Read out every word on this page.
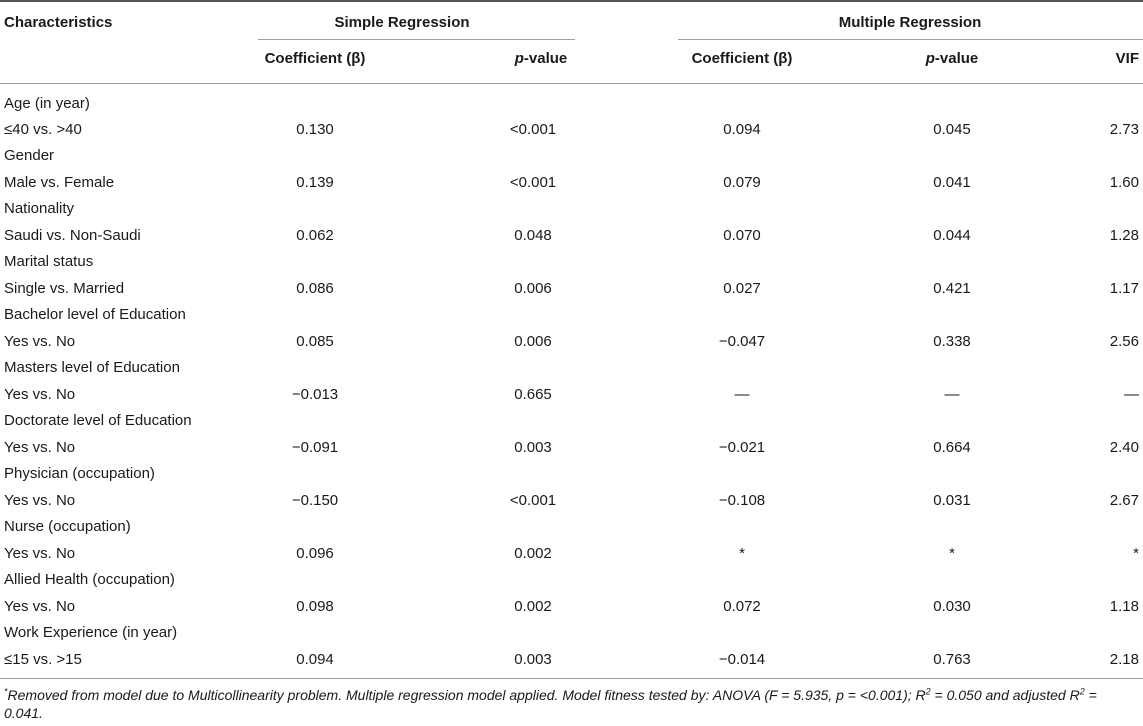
Characteristics	Simple Regression	Multiple Regression
Coefficient (β)	p-value	Coefficient (β)	p-value	VIF
Age (in year)
≤40 vs. >40	0.130	<0.001	0.094	0.045	2.73
Gender
Male vs. Female	0.139	<0.001	0.079	0.041	1.60
Nationality
Saudi vs. Non-Saudi	0.062	0.048	0.070	0.044	1.28
Marital status
Single vs. Married	0.086	0.006	0.027	0.421	1.17
Bachelor level of Education
Yes vs. No	0.085	0.006	−0.047	0.338	2.56
Masters level of Education
Yes vs. No	−0.013	0.665	—	—	—
Doctorate level of Education
Yes vs. No	−0.091	0.003	−0.021	0.664	2.40
Physician (occupation)
Yes vs. No	−0.150	<0.001	−0.108	0.031	2.67
Nurse (occupation)
Yes vs. No	0.096	0.002	*	*	*
Allied Health (occupation)
Yes vs. No	0.098	0.002	0.072	0.030	1.18
Work Experience (in year)
≤15 vs. >15	0.094	0.003	−0.014	0.763	2.18
*Removed from model due to Multicollinearity problem. Multiple regression model applied. Model fitness tested by: ANOVA (F = 5.935, p = <0.001); $R^2 = 0.050$ and adjusted $R^2 = 0.041$.
